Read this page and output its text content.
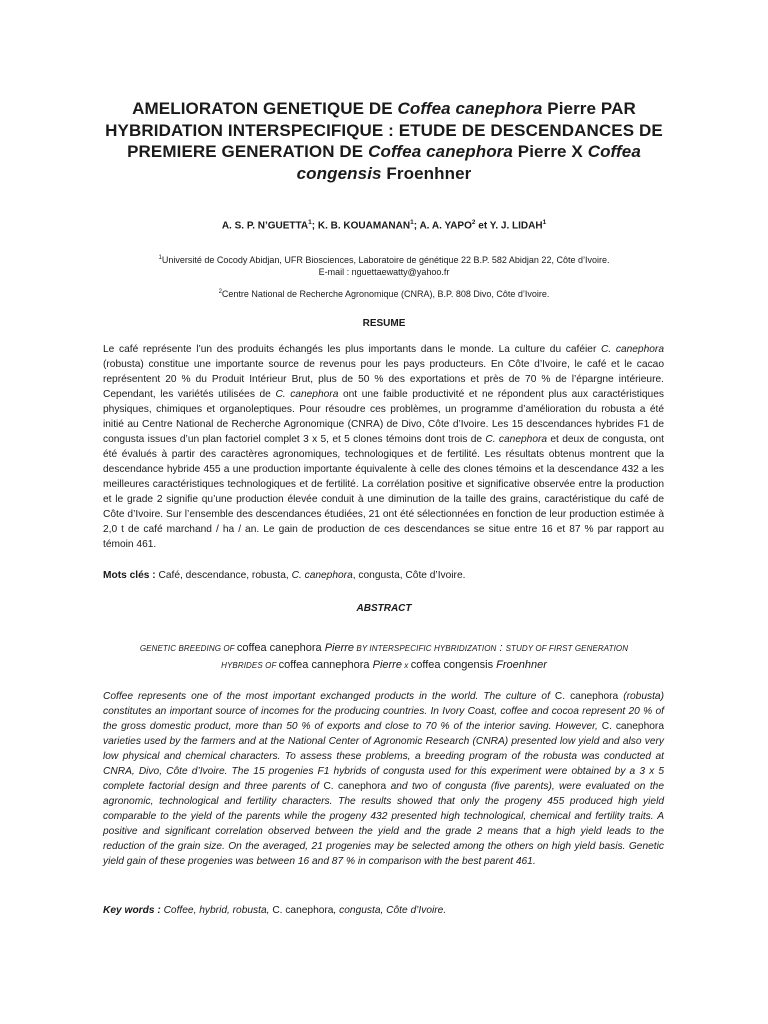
AMELIORATON GENETIQUE DE Coffea canephora Pierre PAR HYBRIDATION INTERSPECIFIQUE : ETUDE DE DESCENDANCES DE PREMIERE GENERATION DE Coffea canephora Pierre X Coffea congensis Froenhner
A. S. P. N’GUETTA$^1$; K. B. KOUAMANAN$^1$; A. A. YAPO$^2$ et Y. J. LIDAH$^1$
$^1$Université de Cocody Abidjan, UFR Biosciences, Laboratoire de génétique 22 B.P. 582 Abidjan 22, Côte d’Ivoire.
E-mail : nguettaewatty@yahoo.fr
$^2$Centre National de Recherche Agronomique (CNRA), B.P. 808 Divo, Côte d’Ivoire.
RESUME

Le café représente l’un des produits échangés les plus importants dans le monde. La culture du caféier C. canephora (robusta) constitue une importante source de revenus pour les pays producteurs. En Côte d’Ivoire, le café et le cacao représentent 20 % du Produit Intérieur Brut, plus de 50 % des exportations et près de 70 % de l’épargne intérieure. Cependant, les variétés utilisées de C. canephora ont une faible productivité et ne répondent plus aux caractéristiques physiques, chimiques et organoleptiques. Pour résoudre ces problèmes, un programme d’amélioration du robusta a été initié au Centre National de Recherche Agronomique (CNRA) de Divo, Côte d’Ivoire. Les 15 descendances hybrides F1 de congusta issues d’un plan factoriel complet 3 x 5, et 5 clones témoins dont trois de C. canephora et deux de congusta, ont été évalués à partir des caractères agronomiques, technologiques et de fertilité. Les résultats obtenus montrent que la descendance hybride 455 a une production importante équivalente à celle des clones témoins et la descendance 432 a les meilleures caractéristiques technologiques et de fertilité. La corrélation positive et significative observée entre la production et le grade 2 signifie qu’une production élevée conduit à une diminution de la taille des grains, caractéristique du café de Côte d’Ivoire. Sur l’ensemble des descendances étudiées, 21 ont été sélectionnées en fonction de leur production estimée à 2,0 t de café marchand / ha / an. Le gain de production de ces descendances se situe entre 16 et 87 % par rapport au témoin 461.

Mots clés : Café, descendance, robusta, C. canephora, congusta, Côte d’Ivoire.

ABSTRACT
GENETIC BREEDING OF coffea canephora Pierre BY INTERSPECIFIC HYBRIDIZATION : STUDY OF FIRST GENERATION
HYBRIDES OF coffea cannephora Pierre x coffea congensis Froenhner

Coffee represents one of the most important exchanged products in the world. The culture of C. canephora (robusta) constitutes an important source of incomes for the producing countries. In Ivory Coast, coffee and cocoa represent 20 % of the gross domestic product, more than 50 % of exports and close to 70 % of the interior saving. However, C. canephora varieties used by the farmers and at the National Center of Agronomic Research (CNRA) presented low yield and also very low physical and chemical characters. To assess these problems, a breeding program of the robusta was conducted at CNRA, Divo, Côte d’Ivoire. The 15 progenies F1 hybrids of congusta used for this experiment were obtained by a 3 x 5 complete factorial design and three parents of C. canephora and two of congusta (five parents), were evaluated on the agronomic, technological and fertility characters. The results showed that only the progeny 455 produced high yield comparable to the yield of the parents while the progeny 432 presented high technological, chemical and fertility traits. A positive and significant correlation observed between the yield and the grade 2 means that a high yield leads to the reduction of the grain size. On the averaged, 21 progenies may be selected among the others on high yield basis. Genetic yield gain of these progenies was between 16 and 87 % in comparison with the best parent 461.

Key words : Coffee, hybrid, robusta, C. canephora, congusta, Côte d’Ivoire.
